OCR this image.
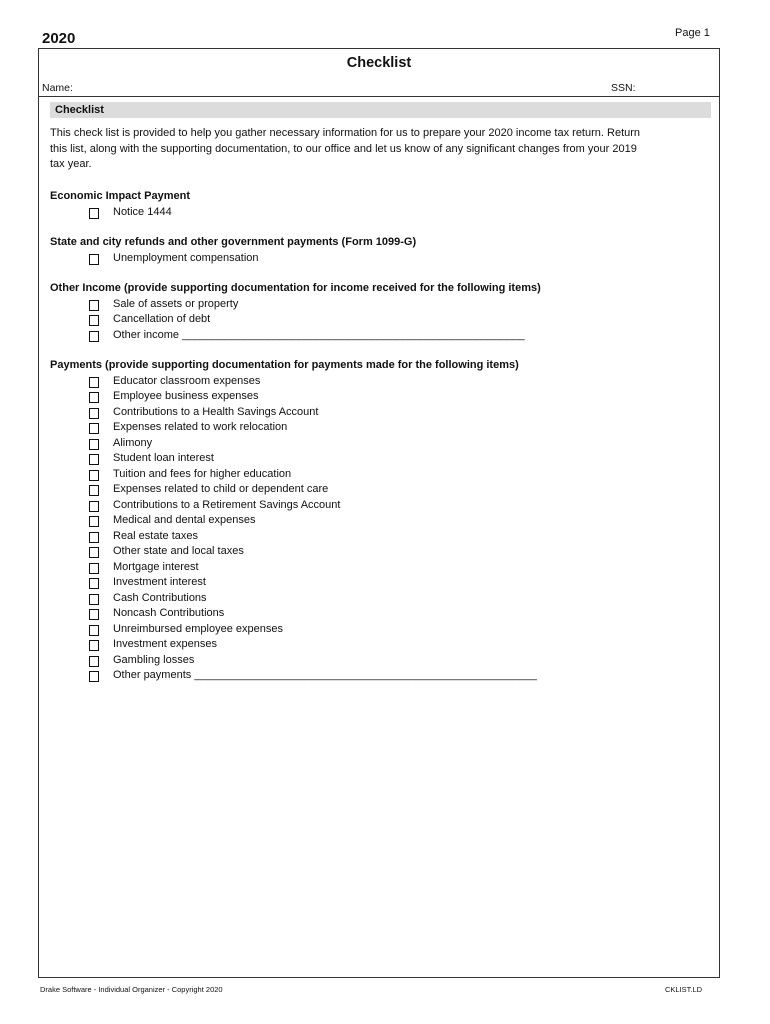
Page 1
2020
Checklist
Name:	SSN:
Checklist
This check list is provided to help you gather necessary information for us to prepare your 2020 income tax return. Return
this list, along with the supporting documentation, to our office and let us know of any significant changes from your 2019
tax year.
Economic Impact Payment
Notice 1444
State and city refunds and other government payments (Form 1099-G)
Unemployment compensation
Other Income (provide supporting documentation for income received for the following items)
Sale of assets or property
Cancellation of debt
Other income ________________________________________________________
Payments (provide supporting documentation for payments made for the following items)
Educator classroom expenses
Employee business expenses
Contributions to a Health Savings Account
Expenses related to work relocation
Alimony
Student loan interest
Tuition and fees for higher education
Expenses related to child or dependent care
Contributions to a Retirement Savings Account
Medical and dental expenses
Real estate taxes
Other state and local taxes
Mortgage interest
Investment interest
Cash Contributions
Noncash Contributions
Unreimbursed employee expenses
Investment expenses
Gambling losses
Other payments ________________________________________________________
Drake Software - Individual Organizer - Copyright 2020	CKLIST.LD
